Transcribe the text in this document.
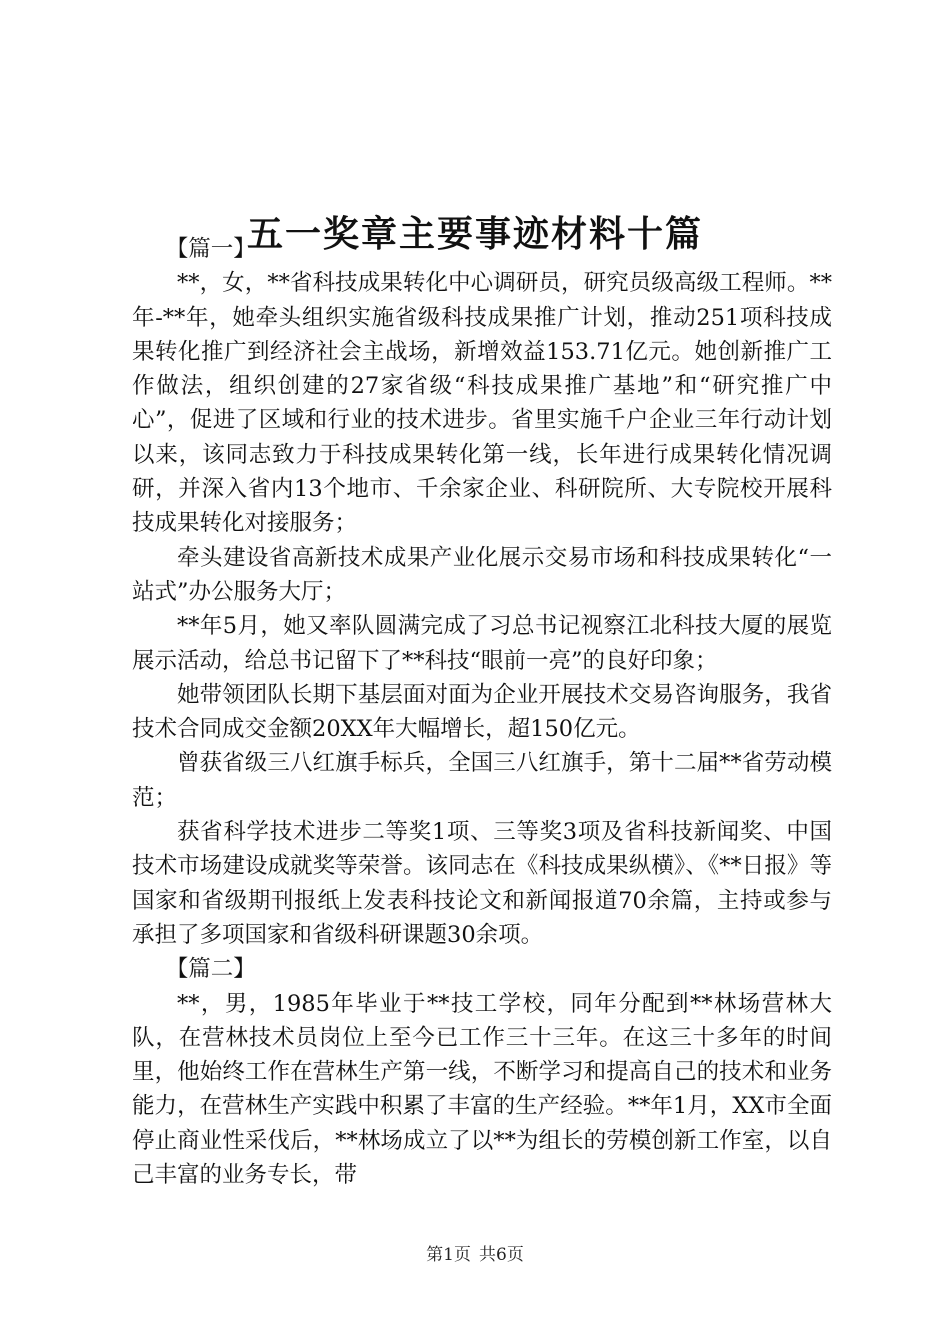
五一奖章主要事迹材料十篇

【篇一】

**，女，**省科技成果转化中心调研员，研究员级高级工程师。**年-**年，她牵头组织实施省级科技成果推广计划，推动251项科技成果转化推广到经济社会主战场，新增效益153.71亿元。她创新推广工作做法，组织创建的27家省级“科技成果推广基地”和“研究推广中心”，促进了区域和行业的技术进步。省里实施千户企业三年行动计划以来，该同志致力于科技成果转化第一线，长年进行成果转化情况调研，并深入省内13个地市、千余家企业、科研院所、大专院校开展科技成果转化对接服务；

牵头建设省高新技术成果产业化展示交易市场和科技成果转化“一站式”办公服务大厅；

**年5月，她又率队圆满完成了习总书记视察江北科技大厦的展览展示活动，给总书记留下了**科技“眼前一亮”的良好印象；

她带领团队长期下基层面对面为企业开展技术交易咨询服务，我省技术合同成交金额20XX年大幅增长，超150亿元。

曾获省级三八红旗手标兵，全国三八红旗手，第十二届**省劳动模范；

获省科学技术进步二等奖1项、三等奖3项及省科技新闻奖、中国技术市场建设成就奖等荣誉。该同志在《科技成果纵横》、《**日报》等国家和省级期刊报纸上发表科技论文和新闻报道70余篇，主持或参与承担了多项国家和省级科研课题30余项。

【篇二】

**，男，1985年毕业于**技工学校，同年分配到**林场营林大队，在营林技术员岗位上至今已工作三十三年。在这三十多年的时间里，他始终工作在营林生产第一线，不断学习和提高自己的技术和业务能力，在营林生产实践中积累了丰富的生产经验。**年1月，XX市全面停止商业性采伐后，**林场成立了以**为组长的劳模创新工作室，以自己丰富的业务专长，带

第1页 共6页
